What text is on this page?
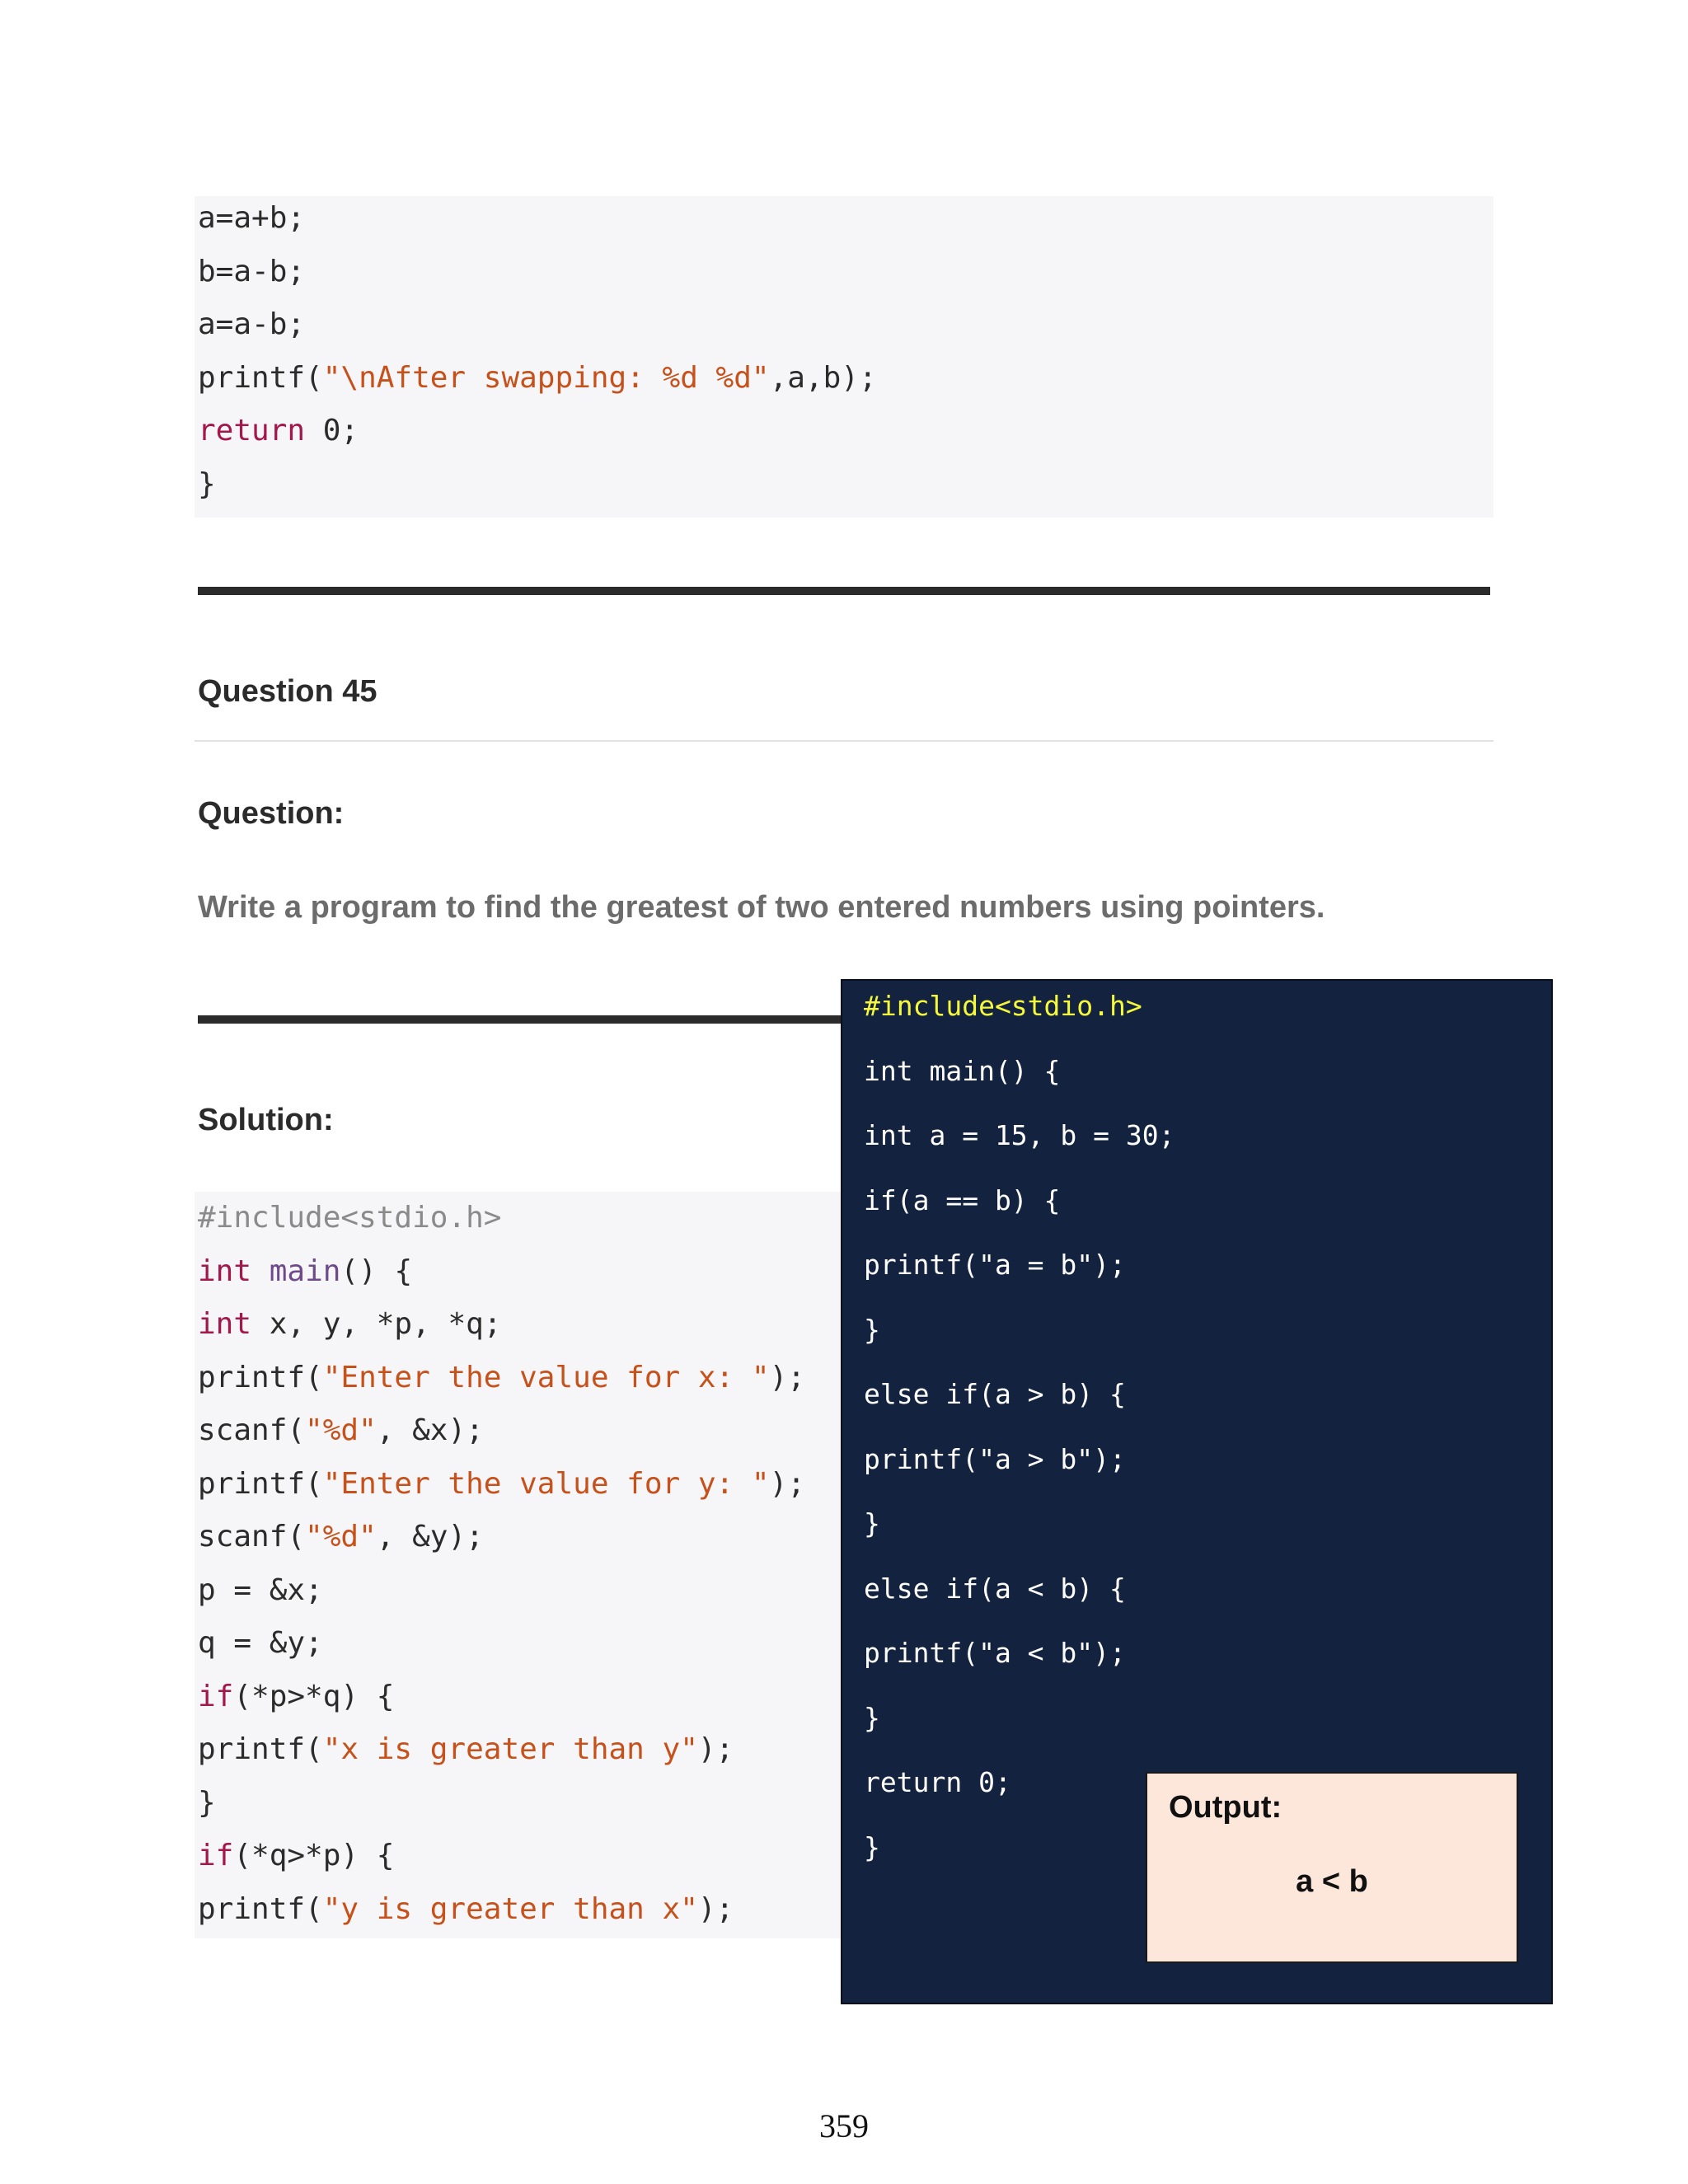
a=a+b;
b=a-b;
a=a-b;
printf("\nAfter swapping: %d %d",a,b);
return 0;
}
Question 45
Question:
Write a program to find the greatest of two entered numbers using pointers.
Solution:
#include<stdio.h>
int main() {
int x, y, *p, *q;
printf("Enter the value for x: ");
scanf("%d", &x);
printf("Enter the value for y: ");
scanf("%d", &y);
p = &x;
q = &y;
if(*p>*q) {
printf("x is greater than y");
}
if(*q>*p) {
printf("y is greater than x");
#include<stdio.h>
int main() {
int a = 15, b = 30;
if(a == b) {
printf("a = b");
}
else if(a > b) {
printf("a > b");
}
else if(a < b) {
printf("a < b");
}
return 0;
}
Output:
a < b
359
